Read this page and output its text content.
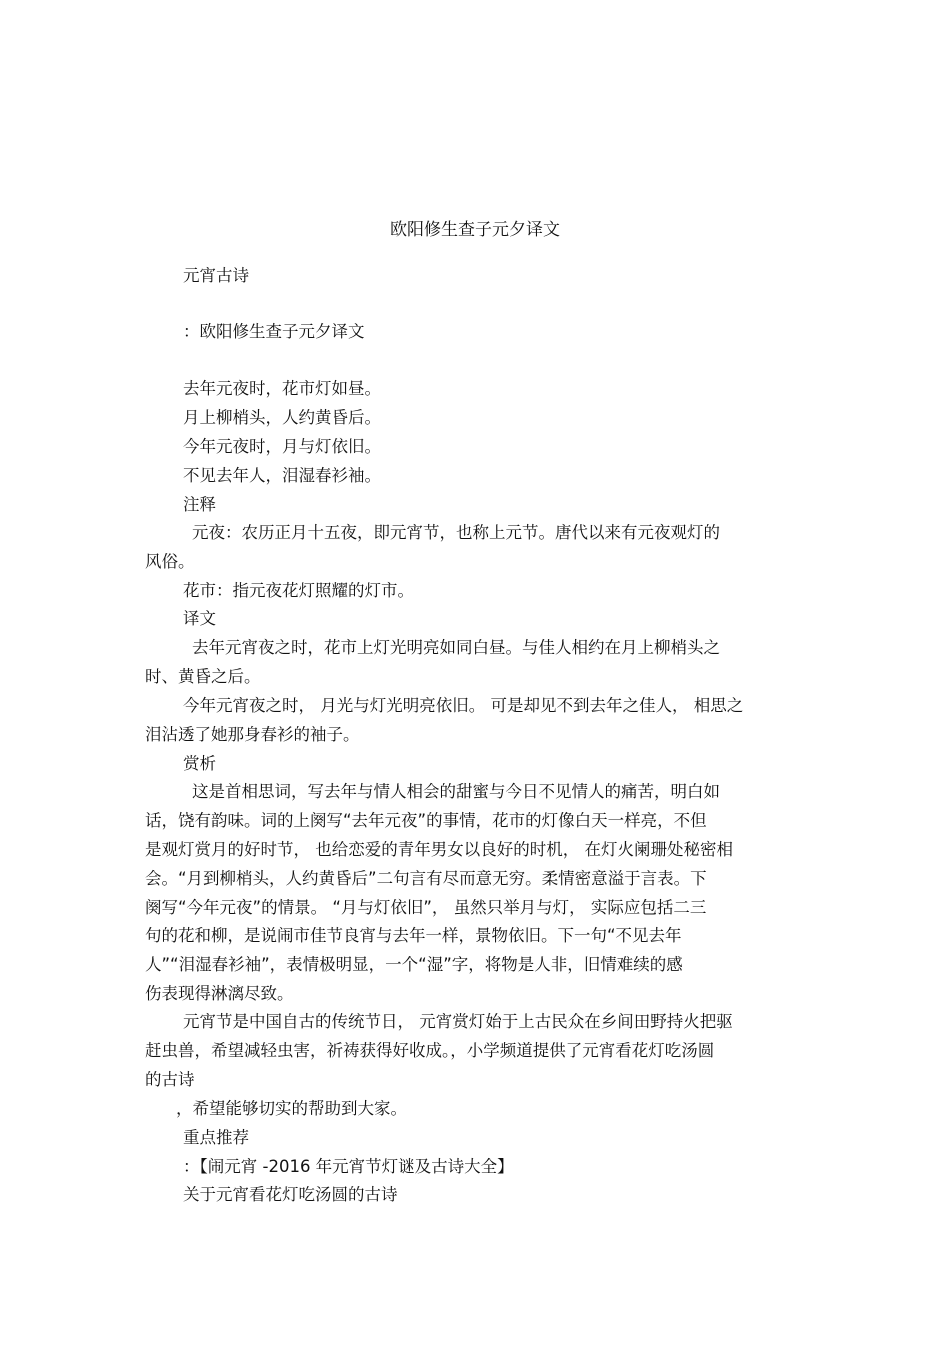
欧阳修生查子元夕译文
元宵古诗
：欧阳修生查子元夕译文
去年元夜时，花市灯如昼。
月上柳梢头，人约黄昏后。
今年元夜时，月与灯依旧。
不见去年人，泪湿春衫袖。
注释
元夜：农历正月十五夜，即元宵节，也称上元节。唐代以来有元夜观灯的
风俗。
花市：指元夜花灯照耀的灯市。
译文
去年元宵夜之时，花市上灯光明亮如同白昼。与佳人相约在月上柳梢头之
时、黄昏之后。
今年元宵夜之时， 月光与灯光明亮依旧。 可是却见不到去年之佳人， 相思之
泪沾透了她那身春衫的袖子。
赏析
这是首相思词，写去年与情人相会的甜蜜与今日不见情人的痛苦，明白如
话，饶有韵味。词的上阕写“去年元夜”的事情，花市的灯像白天一样亮，不但
是观灯赏月的好时节， 也给恋爱的青年男女以良好的时机， 在灯火阑珊处秘密相
会。“月到柳梢头，人约黄昏后”二句言有尽而意无穷。柔情密意溢于言表。下
阕写“今年元夜”的情景。 “月与灯依旧”， 虽然只举月与灯， 实际应包括二三
句的花和柳，是说闹市佳节良宵与去年一样，景物依旧。下一句“不见去年
人”“泪湿春衫袖”，表情极明显，一个“湿”字，将物是人非，旧情难续的感
伤表现得淋漓尽致。
元宵节是中国自古的传统节日， 元宵赏灯始于上古民众在乡间田野持火把驱
赶虫兽，希望减轻虫害，祈祷获得好收成。，小学频道提供了元宵看花灯吃汤圆
的古诗
，希望能够切实的帮助到大家。
重点推荐
：【闹元宵 -2016 年元宵节灯谜及古诗大全】
关于元宵看花灯吃汤圆的古诗
